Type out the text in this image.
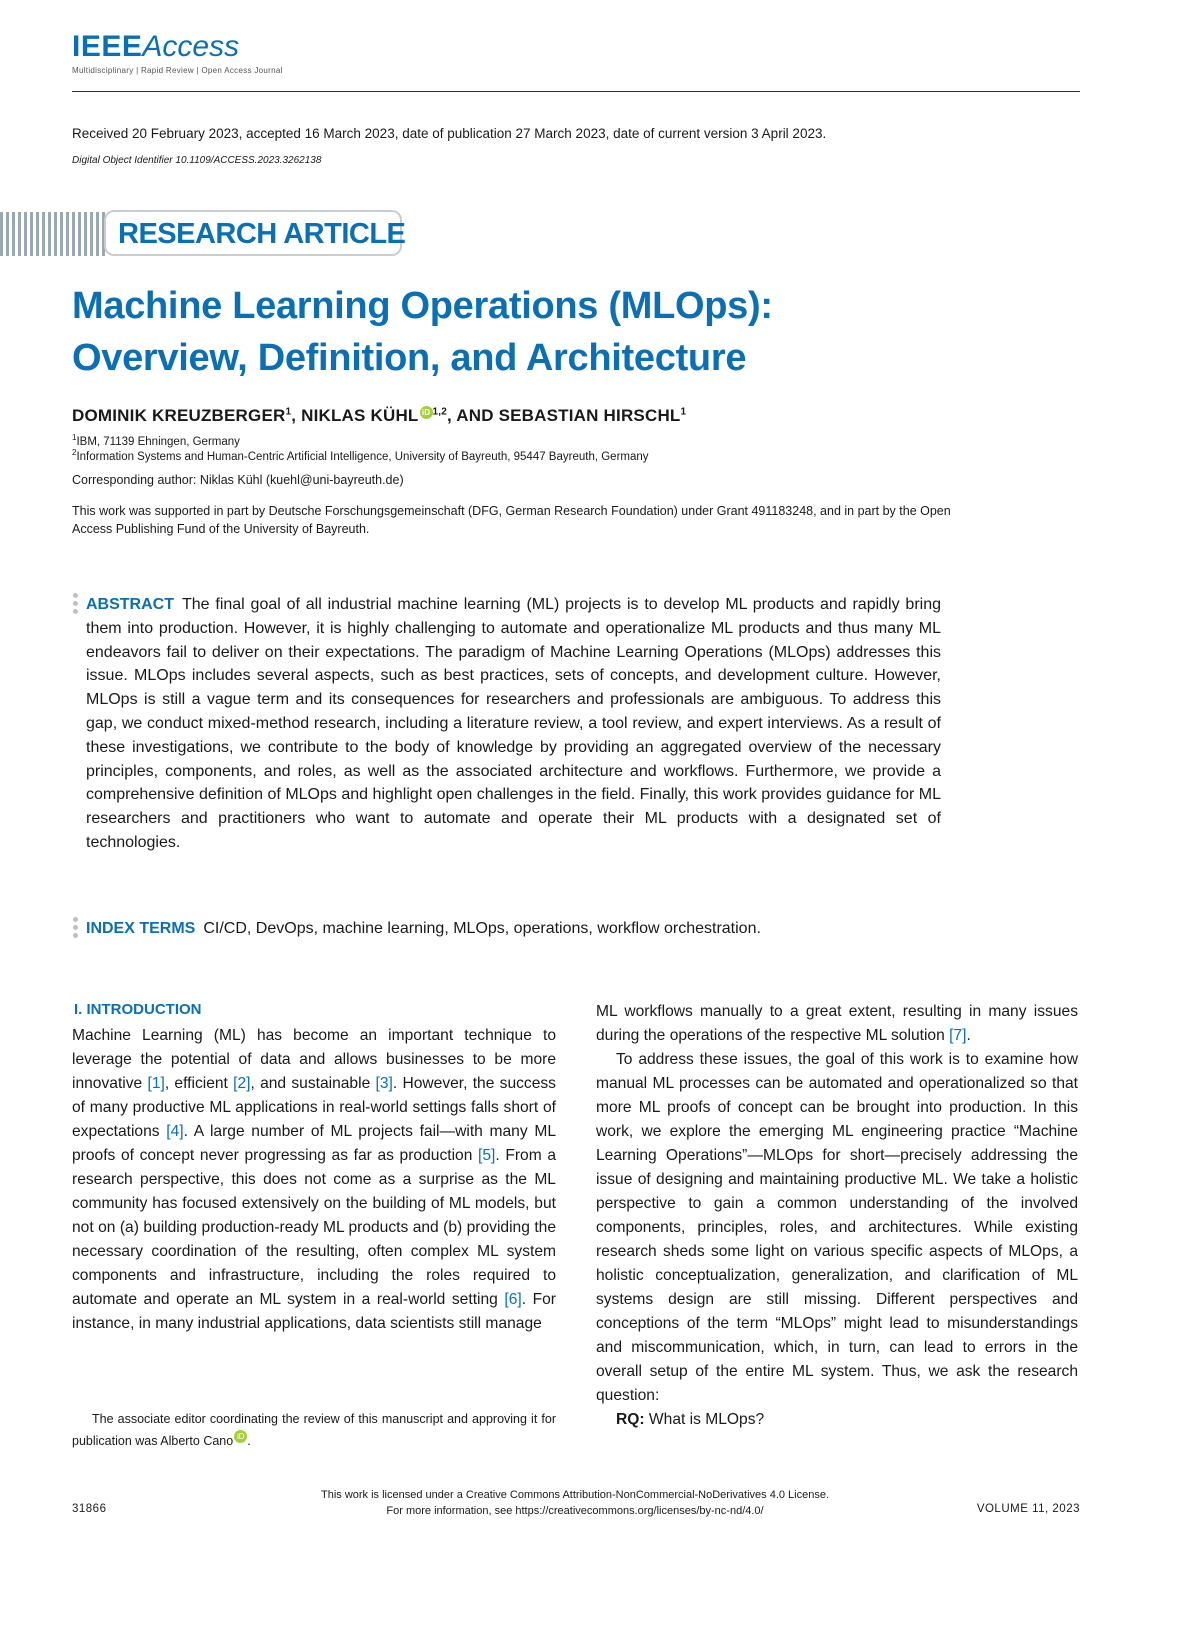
IEEEAccess
Multidisciplinary | Rapid Review | Open Access Journal
Received 20 February 2023, accepted 16 March 2023, date of publication 27 March 2023, date of current version 3 April 2023.
Digital Object Identifier 10.1109/ACCESS.2023.3262138
RESEARCH ARTICLE
Machine Learning Operations (MLOps):
Overview, Definition, and Architecture
DOMINIK KREUZBERGER$^1$, NIKLAS KÜHL iD $^{1,2}$, AND SEBASTIAN HIRSCHL$^1$
$^1$IBM, 71139 Ehningen, Germany
$^2$Information Systems and Human-Centric Artificial Intelligence, University of Bayreuth, 95447 Bayreuth, Germany
Corresponding author: Niklas Kühl (kuehl@uni-bayreuth.de)
This work was supported in part by Deutsche Forschungsgemeinschaft (DFG, German Research Foundation) under Grant 491183248, and in part by the Open Access Publishing Fund of the University of Bayreuth.
ABSTRACT The final goal of all industrial machine learning (ML) projects is to develop ML products and rapidly bring them into production. However, it is highly challenging to automate and operationalize ML products and thus many ML endeavors fail to deliver on their expectations. The paradigm of Machine Learning Operations (MLOps) addresses this issue. MLOps includes several aspects, such as best practices, sets of concepts, and development culture. However, MLOps is still a vague term and its consequences for researchers and professionals are ambiguous. To address this gap, we conduct mixed-method research, including a literature review, a tool review, and expert interviews. As a result of these investigations, we contribute to the body of knowledge by providing an aggregated overview of the necessary principles, components, and roles, as well as the associated architecture and workflows. Furthermore, we provide a comprehensive definition of MLOps and highlight open challenges in the field. Finally, this work provides guidance for ML researchers and practitioners who want to automate and operate their ML products with a designated set of technologies.
INDEX TERMS CI/CD, DevOps, machine learning, MLOps, operations, workflow orchestration.
I. INTRODUCTION

Machine Learning (ML) has become an important technique to leverage the potential of data and allows businesses to be more innovative [1], efficient [2], and sustainable [3]. However, the success of many productive ML applications in real-world settings falls short of expectations [4]. A large number of ML projects fail—with many ML proofs of concept never progressing as far as production [5]. From a research perspective, this does not come as a surprise as the ML community has focused extensively on the building of ML models, but not on (a) building production-ready ML products and (b) providing the necessary coordination of the resulting, often complex ML system components and infrastructure, including the roles required to automate and operate an ML system in a real-world setting [6]. For instance, in many industrial applications, data scientists still manage

The associate editor coordinating the review of this manuscript and approving it for publication was Alberto Cano iD .

ML workflows manually to a great extent, resulting in many issues during the operations of the respective ML solution [7].

To address these issues, the goal of this work is to examine how manual ML processes can be automated and operationalized so that more ML proofs of concept can be brought into production. In this work, we explore the emerging ML engineering practice “Machine Learning Operations”—MLOps for short—precisely addressing the issue of designing and maintaining productive ML. We take a holistic perspective to gain a common understanding of the involved components, principles, roles, and architectures. While existing research sheds some light on various specific aspects of MLOps, a holistic conceptualization, generalization, and clarification of ML systems design are still missing. Different perspectives and conceptions of the term “MLOps” might lead to misunderstandings and miscommunication, which, in turn, can lead to errors in the overall setup of the entire ML system. Thus, we ask the research question:

RQ: What is MLOps?

This work is licensed under a Creative Commons Attribution-NonCommercial-NoDerivatives 4.0 License.
For more information, see https://creativecommons.org/licenses/by-nc-nd/4.0/
31866	VOLUME 11, 2023
